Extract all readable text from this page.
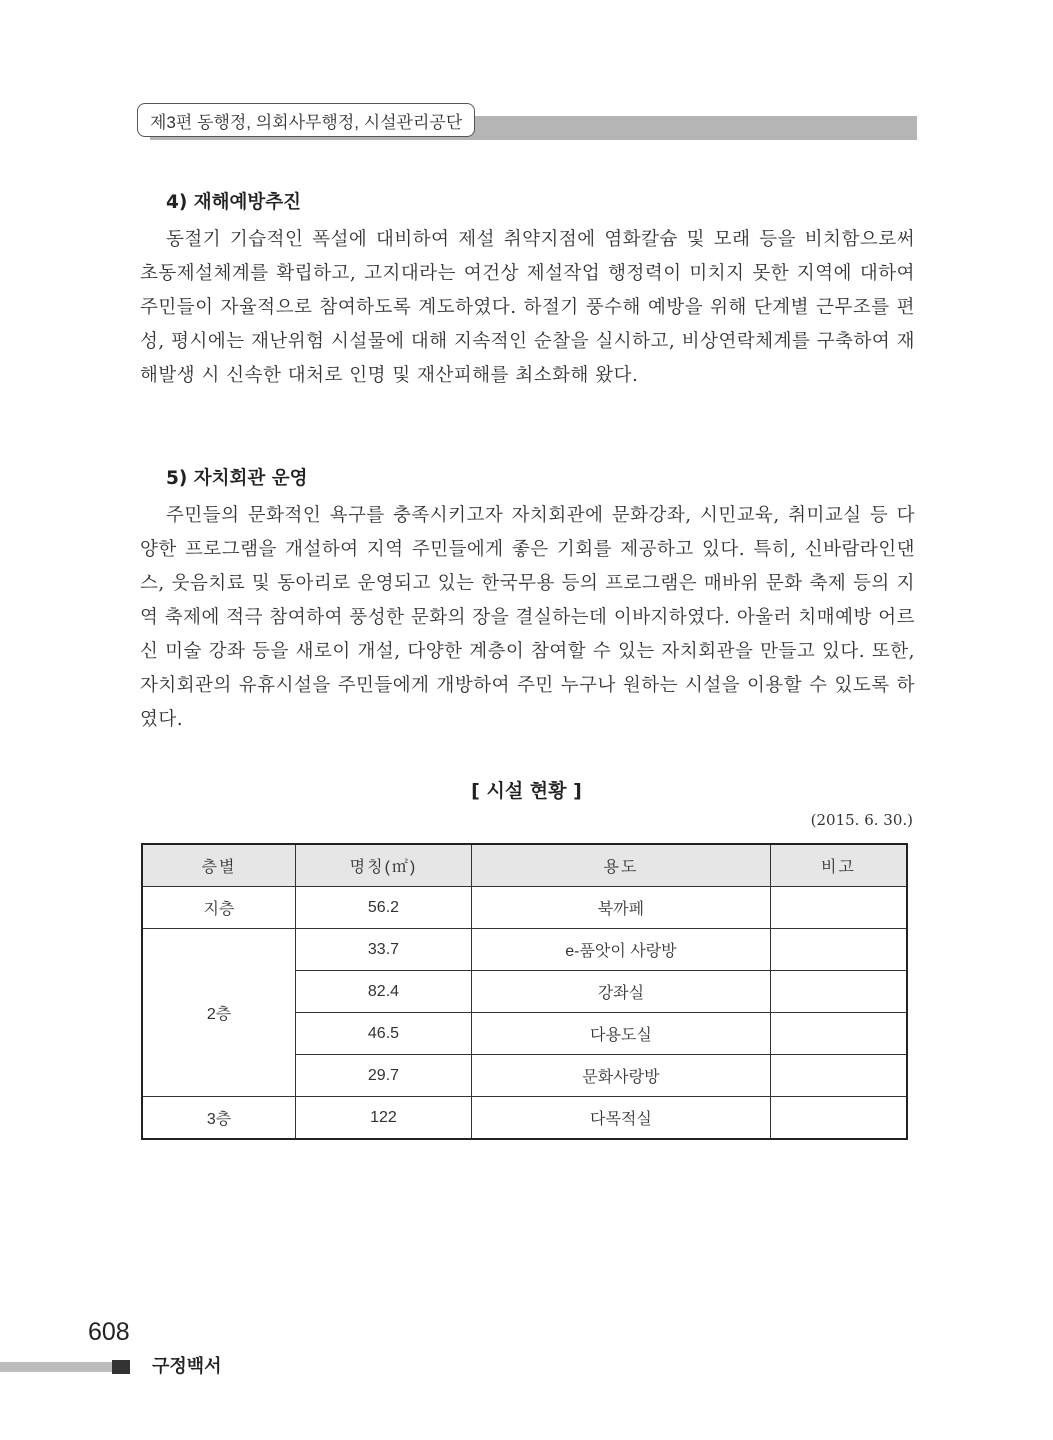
제3편 동행정, 의회사무행정, 시설관리공단
4) 재해예방추진

동절기 기습적인 폭설에 대비하여 제설 취약지점에 염화칼슘 및 모래 등을 비치함으로써 초동제설체계를 확립하고, 고지대라는 여건상 제설작업 행정력이 미치지 못한 지역에 대하여 주민들이 자율적으로 참여하도록 계도하였다. 하절기 풍수해 예방을 위해 단계별 근무조를 편성, 평시에는 재난위험 시설물에 대해 지속적인 순찰을 실시하고, 비상연락체계를 구축하여 재해발생 시 신속한 대처로 인명 및 재산피해를 최소화해 왔다.

5) 자치회관 운영

주민들의 문화적인 욕구를 충족시키고자 자치회관에 문화강좌, 시민교육, 취미교실 등 다양한 프로그램을 개설하여 지역 주민들에게 좋은 기회를 제공하고 있다. 특히, 신바람라인댄스, 웃음치료 및 동아리로 운영되고 있는 한국무용 등의 프로그램은 매바위 문화 축제 등의 지역 축제에 적극 참여하여 풍성한 문화의 장을 결실하는데 이바지하였다. 아울러 치매예방 어르신 미술 강좌 등을 새로이 개설, 다양한 계층이 참여할 수 있는 자치회관을 만들고 있다. 또한, 자치회관의 유휴시설을 주민들에게 개방하여 주민 누구나 원하는 시설을 이용할 수 있도록 하였다.

[ 시설 현황 ]
(2015. 6. 30.)
층별	명칭(㎡)	용도	비고
지층	56.2	북까페	
2층	33.7	e-품앗이 사랑방	
	82.4	강좌실	
	46.5	다용도실	
	29.7	문화사랑방	
3층	122	다목적실	
608
구정백서
